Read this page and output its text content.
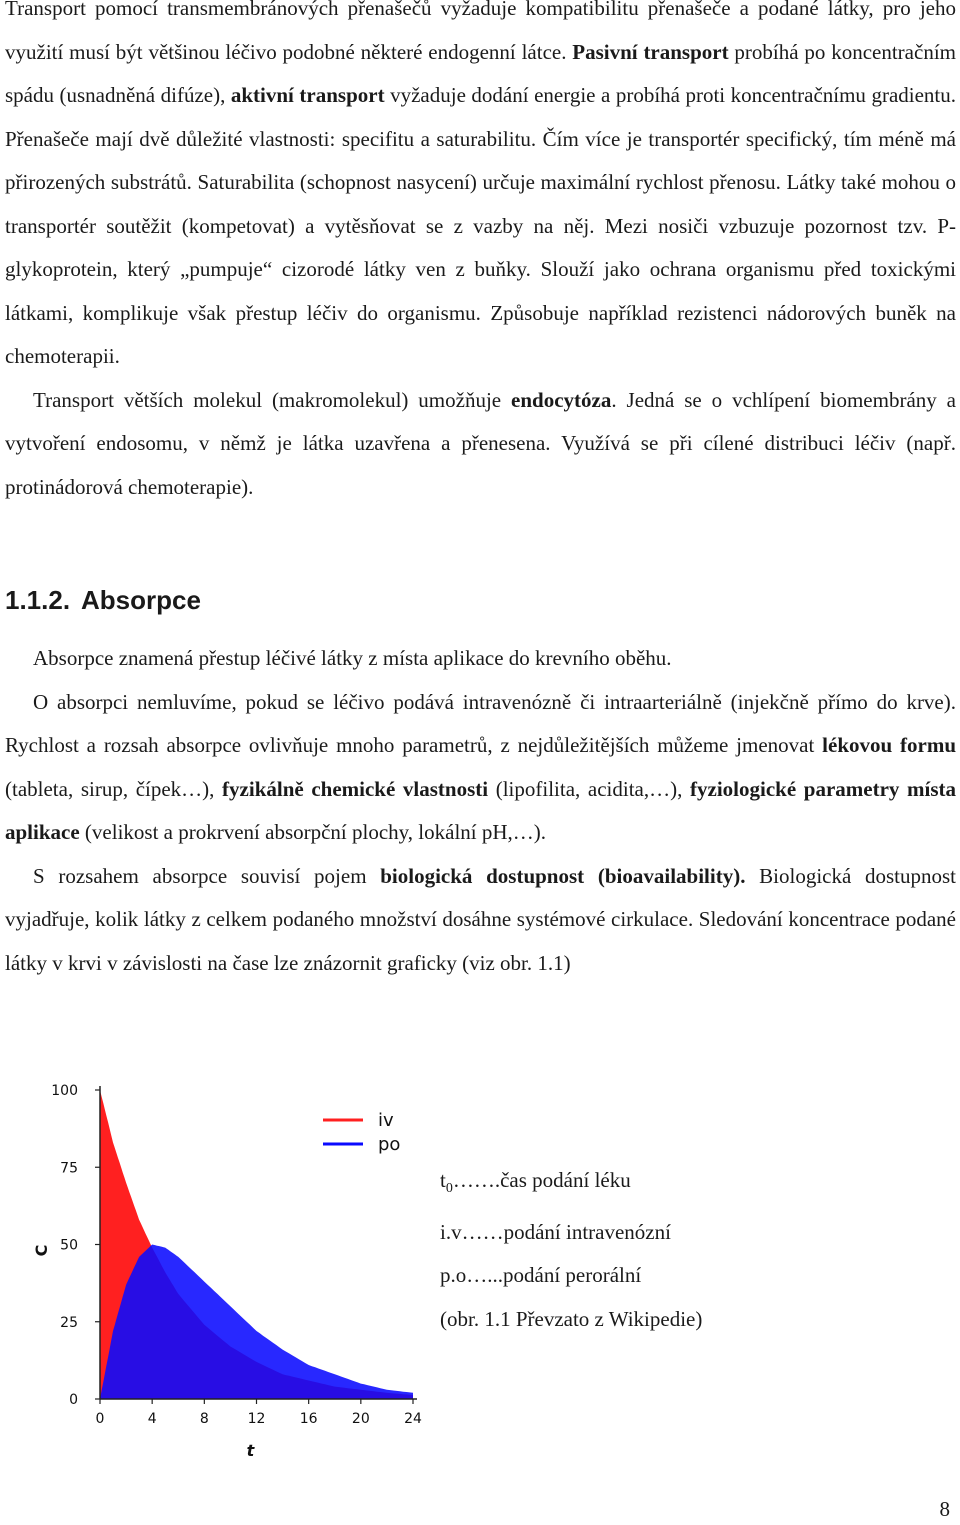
Transport pomocí transmembránových přenašečů vyžaduje kompatibilitu přenašeče a podané látky, pro jeho využití musí být většinou léčivo podobné některé endogenní látce. Pasivní transport probíhá po koncentračním spádu (usnadněná difúze), aktivní transport vyžaduje dodání energie a probíhá proti koncentračnímu gradientu. Přenašeče mají dvě důležité vlastnosti: specifitu a saturabilitu. Čím více je transportér specifický, tím méně má přirozených substrátů. Saturabilita (schopnost nasycení) určuje maximální rychlost přenosu. Látky také mohou o transportér soutěžit (kompetovat) a vytěsňovat se z vazby na něj. Mezi nosiči vzbuzuje pozornost tzv. P-glykoprotein, který „pumpuje“ cizorodé látky ven z buňky. Slouží jako ochrana organismu před toxickými látkami, komplikuje však přestup léčiv do organismu. Způsobuje například rezistenci nádorových buněk na chemoterapii.

Transport větších molekul (makromolekul) umožňuje endocytóza. Jedná se o vchlípení biomembrány a vytvoření endosomu, v němž je látka uzavřena a přenesena. Využívá se při cílené distribuci léčiv (např. protinádorová chemoterapie).

1.1.2. Absorpce

Absorpce znamená přestup léčivé látky z místa aplikace do krevního oběhu.

O absorpci nemluvíme, pokud se léčivo podává intravenózně či intraarteriálně (injekčně přímo do krve). Rychlost a rozsah absorpce ovlivňuje mnoho parametrů, z nejdůležitějších můžeme jmenovat lékovou formu (tableta, sirup, čípek…), fyzikálně chemické vlastnosti (lipofilita, acidita,…), fyziologické parametry místa aplikace (velikost a prokrvení absorpční plochy, lokální pH,…).

S rozsahem absorpce souvisí pojem biologická dostupnost (bioavailability). Biologická dostupnost vyjadřuje, kolik látky z celkem podaného množství dosáhne systémové cirkulace. Sledování koncentrace podané látky v krvi v závislosti na čase lze znázornit graficky (viz obr. 1.1)

0
25
50
75
100
0	4	8	12 16 20 24
t
C
iv
po
$t_0\dots\dots.čas$ podání léku
i.v……podání intravenózní
p.o…...podání perorální
(obr. 1.1 Převzato z Wikipedie)
8
